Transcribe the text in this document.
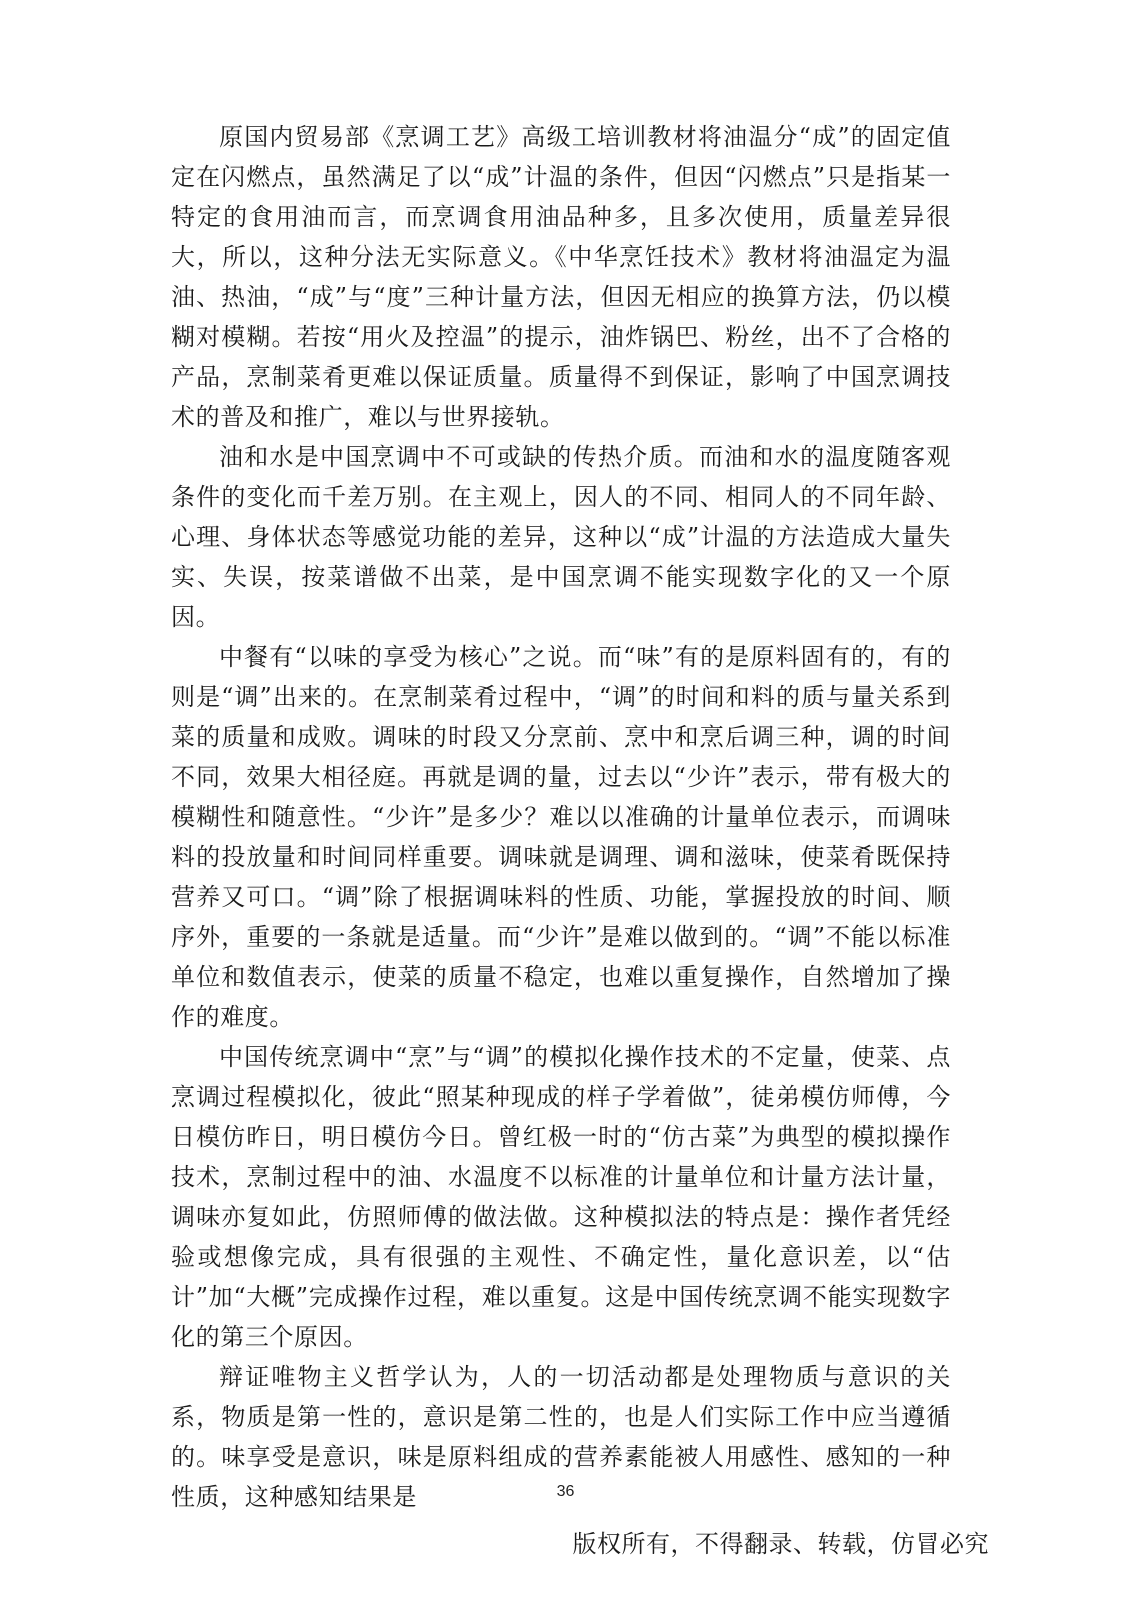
原国内贸易部《烹调工艺》高级工培训教材将油温分“成”的固定值定在闪燃点，虽然满足了以“成”计温的条件，但因“闪燃点”只是指某一特定的食用油而言，而烹调食用油品种多，且多次使用，质量差异很大，所以，这种分法无实际意义。《中华烹饪技术》教材将油温定为温油、热油，“成”与“度”三种计量方法，但因无相应的换算方法，仍以模糊对模糊。若按“用火及控温”的提示，油炸锅巴、粉丝，出不了合格的产品，烹制菜肴更难以保证质量。质量得不到保证，影响了中国烹调技术的普及和推广，难以与世界接轨。

油和水是中国烹调中不可或缺的传热介质。而油和水的温度随客观条件的变化而千差万别。在主观上，因人的不同、相同人的不同年龄、心理、身体状态等感觉功能的差异，这种以“成”计温的方法造成大量失实、失误，按菜谱做不出菜，是中国烹调不能实现数字化的又一个原因。

中餐有“以味的享受为核心”之说。而“味”有的是原料固有的，有的则是“调”出来的。在烹制菜肴过程中，“调”的时间和料的质与量关系到菜的质量和成败。调味的时段又分烹前、烹中和烹后调三种，调的时间不同，效果大相径庭。再就是调的量，过去以“少许”表示，带有极大的模糊性和随意性。“少许”是多少？难以以准确的计量单位表示，而调味料的投放量和时间同样重要。调味就是调理、调和滋味，使菜肴既保持营养又可口。“调”除了根据调味料的性质、功能，掌握投放的时间、顺序外，重要的一条就是适量。而“少许”是难以做到的。“调”不能以标准单位和数值表示，使菜的质量不稳定，也难以重复操作，自然增加了操作的难度。

中国传统烹调中“烹”与“调”的模拟化操作技术的不定量，使菜、点烹调过程模拟化，彼此“照某种现成的样子学着做”，徒弟模仿师傅，今日模仿昨日，明日模仿今日。曾红极一时的“仿古菜”为典型的模拟操作技术，烹制过程中的油、水温度不以标准的计量单位和计量方法计量，调味亦复如此，仿照师傅的做法做。这种模拟法的特点是：操作者凭经验或想像完成，具有很强的主观性、不确定性，量化意识差，以“估计”加“大概”完成操作过程，难以重复。这是中国传统烹调不能实现数字化的第三个原因。

辩证唯物主义哲学认为，人的一切活动都是处理物质与意识的关系，物质是第一性的，意识是第二性的，也是人们实际工作中应当遵循的。味享受是意识，味是原料组成的营养素能被人用感性、感知的一种性质，这种感知结果是	36
版权所有，不得翻录、转载，仿冒必究
